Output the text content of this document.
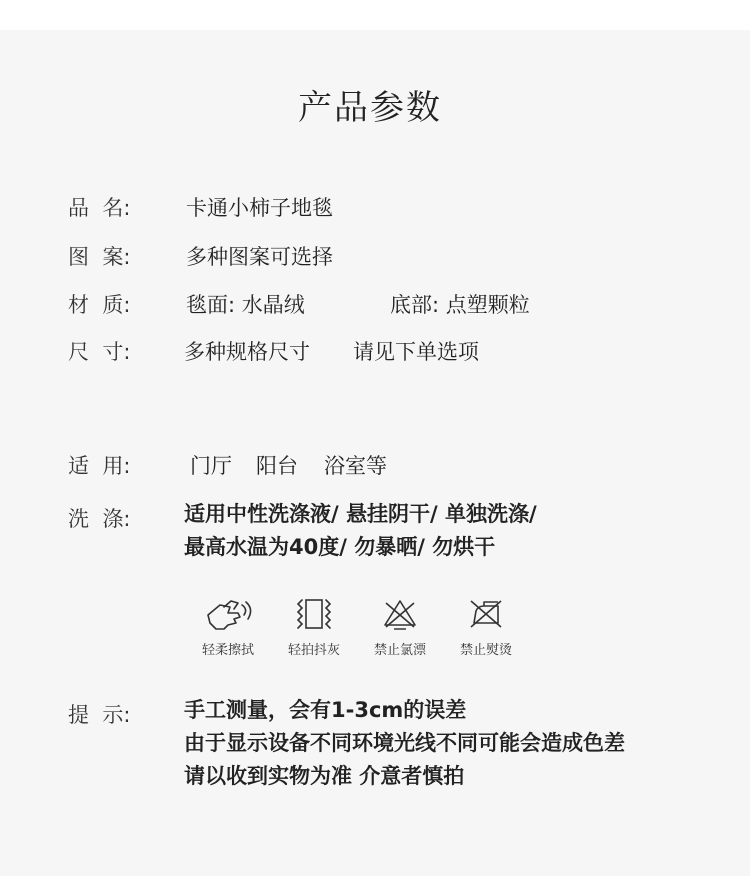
产品参数
品  名:	卡通小柿子地毯
图  案:	多种图案可选择
材  质:	毯面: 水晶绒	底部: 点塑颗粒
尺  寸:	多种规格尺寸 请见下单选项
适  用:	门厅 阳台 浴室等
洗  涤:	适用中性洗涤液/ 悬挂阴干/ 单独洗涤/
最高水温为40度/ 勿暴晒/ 勿烘干
轻柔擦拭	轻拍抖灰	禁止氯漂	禁止熨烫
提  示:	手工测量，会有1-3cm的误差
由于显示设备不同环境光线不同可能会造成色差
请以收到实物为准 介意者慎拍
